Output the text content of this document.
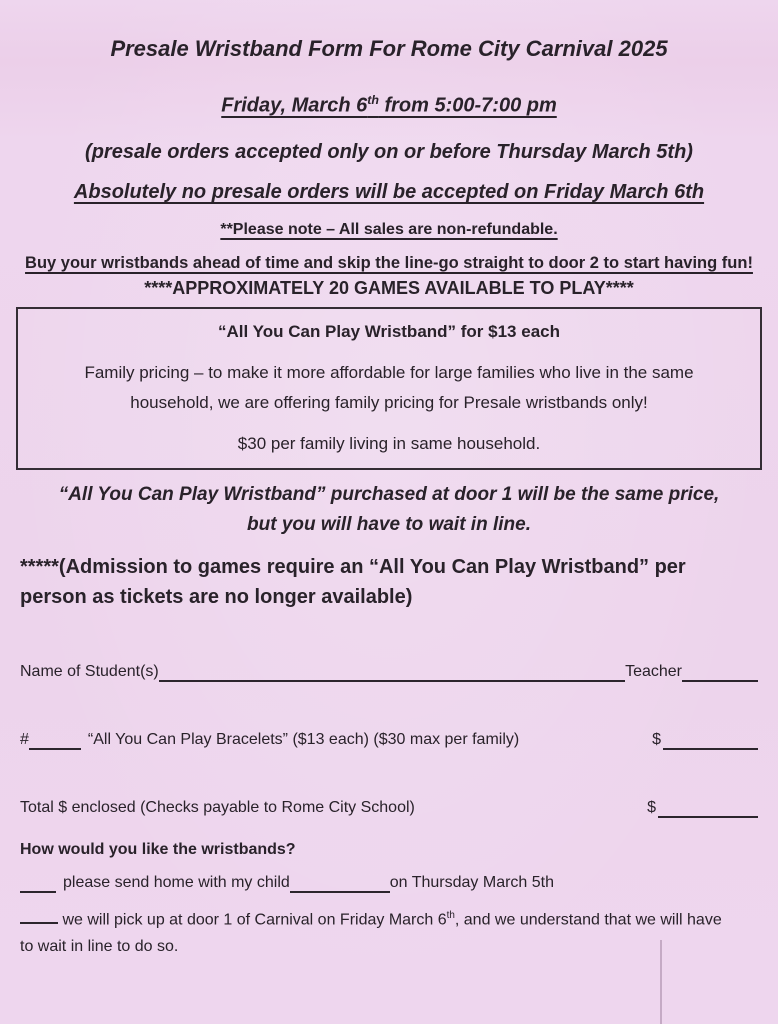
Presale Wristband Form For Rome City Carnival 2025
Friday, March 6th from 5:00-7:00 pm
(presale orders accepted only on or before Thursday March 5th)
Absolutely no presale orders will be accepted on Friday March 6th
**Please note – All sales are non-refundable.
Buy your wristbands ahead of time and skip the line-go straight to door 2 to start having fun!
****APPROXIMATELY 20 GAMES AVAILABLE TO PLAY****
“All You Can Play Wristband” for $13 each
Family pricing – to make it more affordable for large families who live in the same
household, we are offering family pricing for Presale wristbands only!
$30 per family living in same household.
“All You Can Play Wristband” purchased at door 1 will be the same price,
but you will have to wait in line.
*****(Admission to games require an “All You Can Play Wristband” per
person as tickets are no longer available)
Name of Student(s)	Teacher
#	“All You Can Play Bracelets” ($13 each) ($30 max per family)	$
Total $ enclosed (Checks payable to Rome City School)	$
How would you like the wristbands?
please send home with my child	on Thursday March 5th

we will pick up at door 1 of Carnival on Friday March 6th, and we understand that we will have
to wait in line to do so.
